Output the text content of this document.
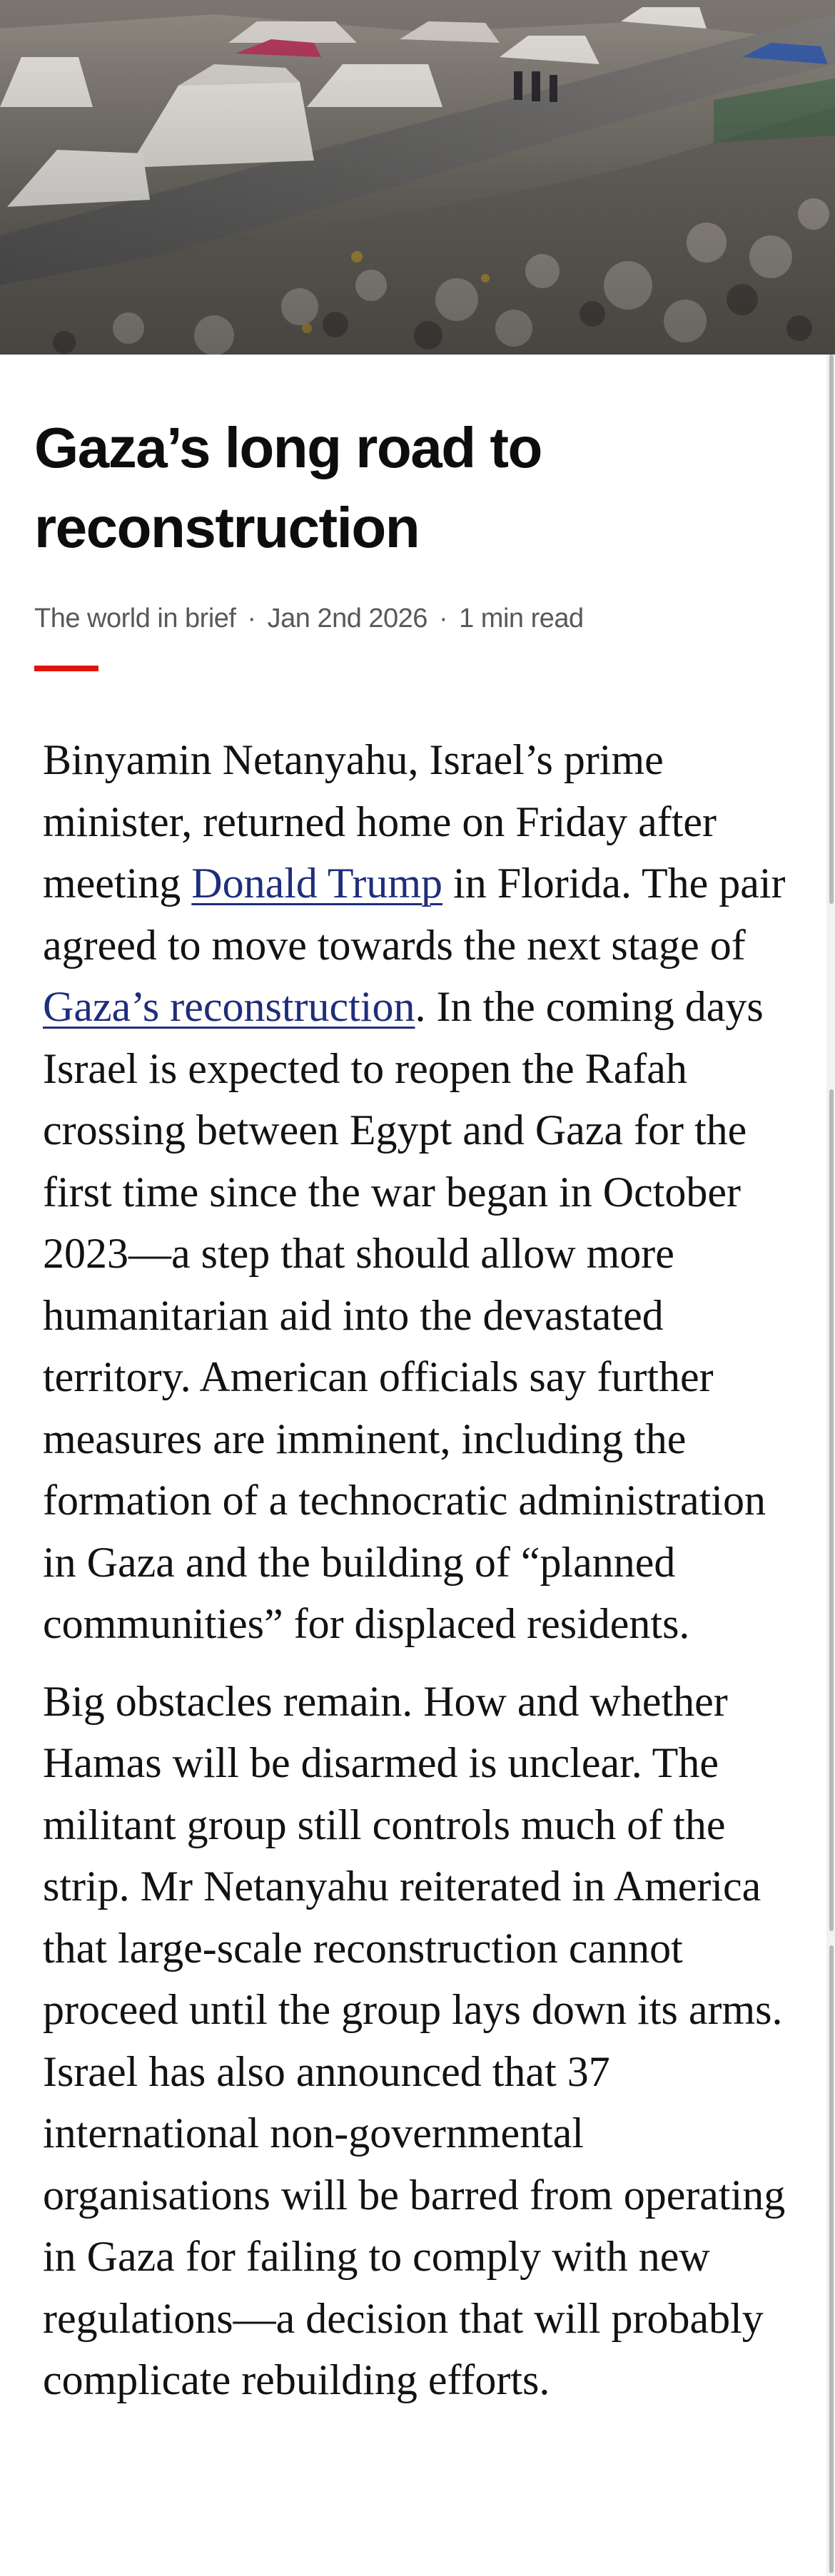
Gaza’s long road to reconstruction
The world in brief · Jan 2nd 2026 · 1 min read

Binyamin Netanyahu, Israel’s prime minister, returned home on Friday after meeting Donald Trump in Florida. The pair agreed to move towards the next stage of Gaza’s reconstruction. In the coming days Israel is expected to reopen the Rafah crossing between Egypt and Gaza for the first time since the war began in October 2023—a step that should allow more humanitarian aid into the devastated territory. American officials say further measures are imminent, including the formation of a technocratic administration in Gaza and the building of “planned communities” for displaced residents.

Big obstacles remain. How and whether Hamas will be disarmed is unclear. The militant group still controls much of the strip. Mr Netanyahu reiterated in America that large-scale reconstruction cannot proceed until the group lays down its arms. Israel has also announced that 37 international non-governmental organisations will be barred from operating in Gaza for failing to comply with new regulations—a decision that will probably complicate rebuilding efforts.
